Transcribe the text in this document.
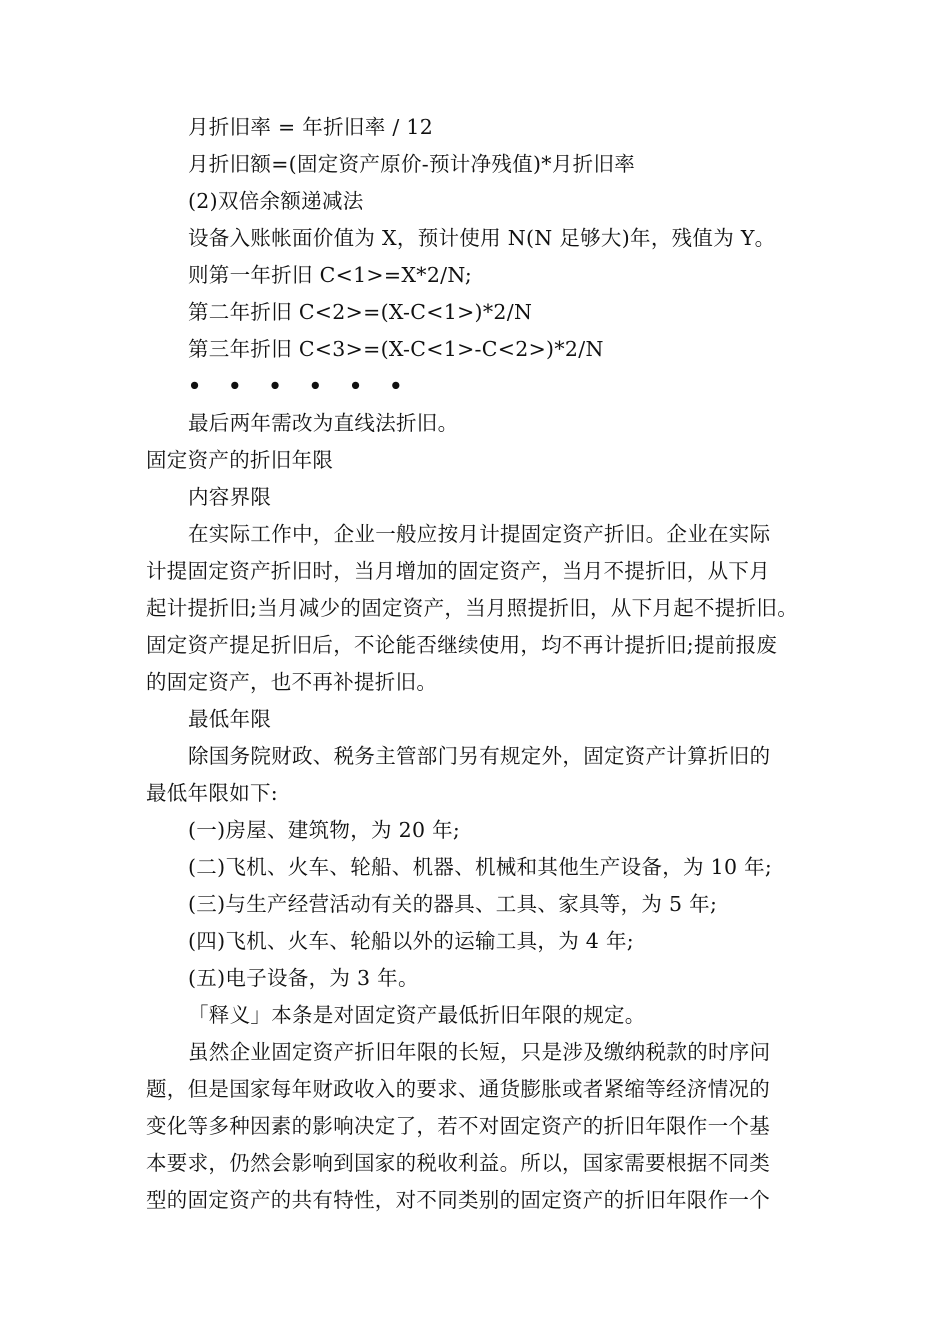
月折旧率 = 年折旧率 / 12
月折旧额=(固定资产原价-预计净残值)*月折旧率
(2)双倍余额递减法
设备入账帐面价值为 X，预计使用 N(N 足够大)年，残值为 Y。
则第一年折旧 C<1>=X*2/N;
第二年折旧 C<2>=(X-C<1>)*2/N
第三年折旧 C<3>=(X-C<1>-C<2>)*2/N
• • • • • •
最后两年需改为直线法折旧。
固定资产的折旧年限
内容界限
在实际工作中，企业一般应按月计提固定资产折旧。企业在实际
计提固定资产折旧时，当月增加的固定资产，当月不提折旧，从下月
起计提折旧;当月减少的固定资产，当月照提折旧，从下月起不提折旧。
固定资产提足折旧后，不论能否继续使用，均不再计提折旧;提前报废
的固定资产，也不再补提折旧。
最低年限
除国务院财政、税务主管部门另有规定外，固定资产计算折旧的
最低年限如下:
(一)房屋、建筑物，为 20 年;
(二)飞机、火车、轮船、机器、机械和其他生产设备，为 10 年;
(三)与生产经营活动有关的器具、工具、家具等，为 5 年;
(四)飞机、火车、轮船以外的运输工具，为 4 年;
(五)电子设备，为 3 年。
「释义」本条是对固定资产最低折旧年限的规定。
虽然企业固定资产折旧年限的长短，只是涉及缴纳税款的时序问
题，但是国家每年财政收入的要求、通货膨胀或者紧缩等经济情况的
变化等多种因素的影响决定了，若不对固定资产的折旧年限作一个基
本要求，仍然会影响到国家的税收利益。所以，国家需要根据不同类
型的固定资产的共有特性，对不同类别的固定资产的折旧年限作一个
